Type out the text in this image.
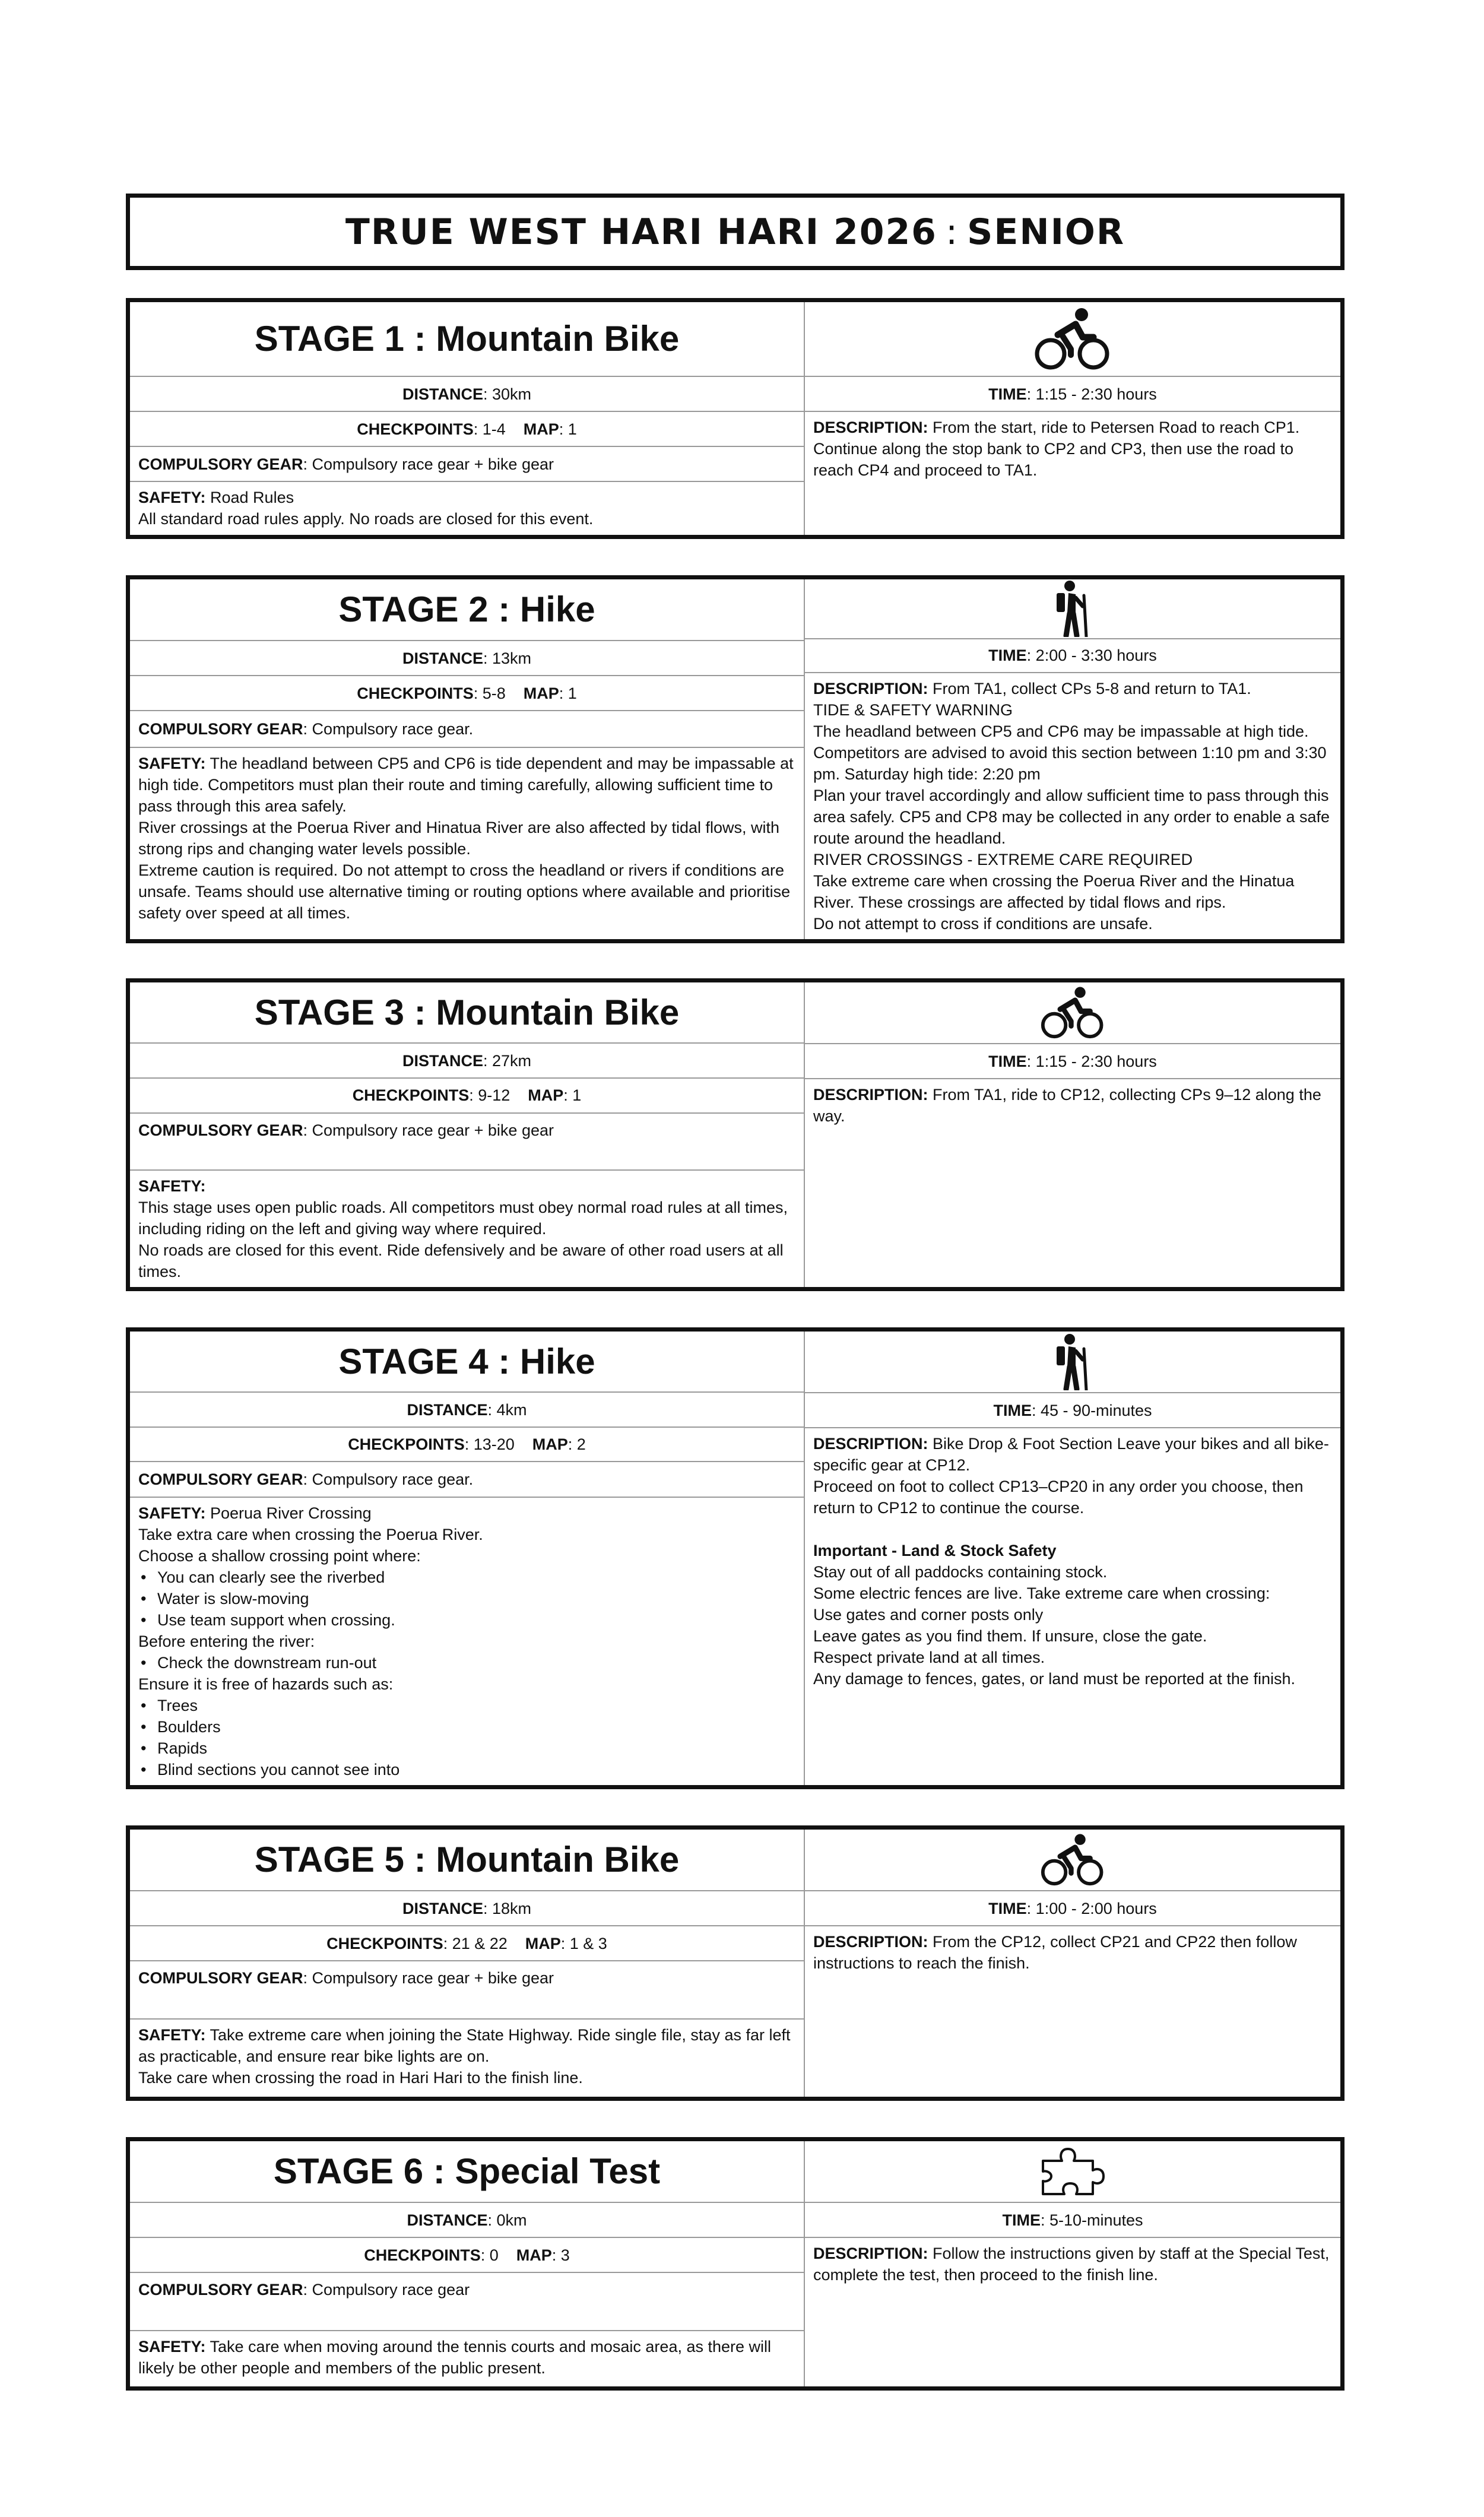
TRUE WEST HARI HARI 2026 : SENIOR
STAGE 1 : Mountain Bike
DISTANCE : 30km
CHECKPOINTS : 1-4
MAP : 1
COMPULSORY GEAR: Compulsory race gear + bike gear
SAFETY: Road Rules
All standard road rules apply. No roads are closed for this event.
TIME : 1:15 - 2:30 hours
DESCRIPTION: From the start, ride to Petersen Road to reach CP1. Continue along the stop bank to CP2 and CP3, then use the road to reach CP4 and proceed to TA1.
STAGE 2 : Hike
DISTANCE : 13km
CHECKPOINTS : 5-8
MAP : 1
COMPULSORY GEAR: Compulsory race gear.
SAFETY: The headland between CP5 and CP6 is tide dependent and may be impassable at high tide. Competitors must plan their route and timing carefully, allowing sufficient time to pass through this area safely.
River crossings at the Poerua River and Hinatua River are also affected by tidal flows, with strong rips and changing water levels possible.
Extreme caution is required. Do not attempt to cross the headland or rivers if conditions are unsafe. Teams should use alternative timing or routing options where available and prioritise safety over speed at all times.
TIME : 2:00 - 3:30 hours
DESCRIPTION: From TA1, collect CPs 5-8 and return to TA1.
TIDE & SAFETY WARNING
The headland between CP5 and CP6 may be impassable at high tide. Competitors are advised to avoid this section between 1:10 pm and 3:30 pm. Saturday high tide: 2:20 pm
Plan your travel accordingly and allow sufficient time to pass through this area safely. CP5 and CP8 may be collected in any order to enable a safe route around the headland.
RIVER CROSSINGS - EXTREME CARE REQUIRED
Take extreme care when crossing the Poerua River and the Hinatua River. These crossings are affected by tidal flows and rips.
Do not attempt to cross if conditions are unsafe.
STAGE 3 : Mountain Bike
DISTANCE : 27km
CHECKPOINTS : 9-12
MAP : 1
COMPULSORY GEAR: Compulsory race gear + bike gear
SAFETY:
This stage uses open public roads. All competitors must obey normal road rules at all times, including riding on the left and giving way where required.
No roads are closed for this event. Ride defensively and be aware of other road users at all times.
TIME : 1:15 - 2:30 hours
DESCRIPTION: From TA1, ride to CP12, collecting CPs 9–12 along the way.
STAGE 4 : Hike
DISTANCE : 4km
CHECKPOINTS : 13-20
MAP : 2
COMPULSORY GEAR: Compulsory race gear.
SAFETY: Poerua River Crossing
Take extra care when crossing the Poerua River.
Choose a shallow crossing point where:
• You can clearly see the riverbed
• Water is slow-moving
• Use team support when crossing.
Before entering the river:
• Check the downstream run-out
Ensure it is free of hazards such as:
• Trees
• Boulders
• Rapids
• Blind sections you cannot see into
TIME : 45 - 90-minutes
DESCRIPTION: Bike Drop & Foot Section Leave your bikes and all bike-specific gear at CP12.
Proceed on foot to collect CP13–CP20 in any order you choose, then return to CP12 to continue the course.
Important - Land & Stock Safety
Stay out of all paddocks containing stock.
Some electric fences are live. Take extreme care when crossing:
Use gates and corner posts only
Leave gates as you find them. If unsure, close the gate.
Respect private land at all times.
Any damage to fences, gates, or land must be reported at the finish.
STAGE 5 : Mountain Bike
DISTANCE : 18km
CHECKPOINTS : 21 & 22
MAP : 1 & 3
COMPULSORY GEAR: Compulsory race gear + bike gear
SAFETY: Take extreme care when joining the State Highway. Ride single file, stay as far left as practicable, and ensure rear bike lights are on.
Take care when crossing the road in Hari Hari to the finish line.
TIME : 1:00 - 2:00 hours
DESCRIPTION: From the CP12, collect CP21 and CP22 then follow instructions to reach the finish.
STAGE 6 : Special Test
DISTANCE : 0km
CHECKPOINTS : 0
MAP : 3
COMPULSORY GEAR: Compulsory race gear
SAFETY: Take care when moving around the tennis courts and mosaic area, as there will likely be other people and members of the public present.
TIME : 5-10-minutes
DESCRIPTION: Follow the instructions given by staff at the Special Test, complete the test, then proceed to the finish line.
